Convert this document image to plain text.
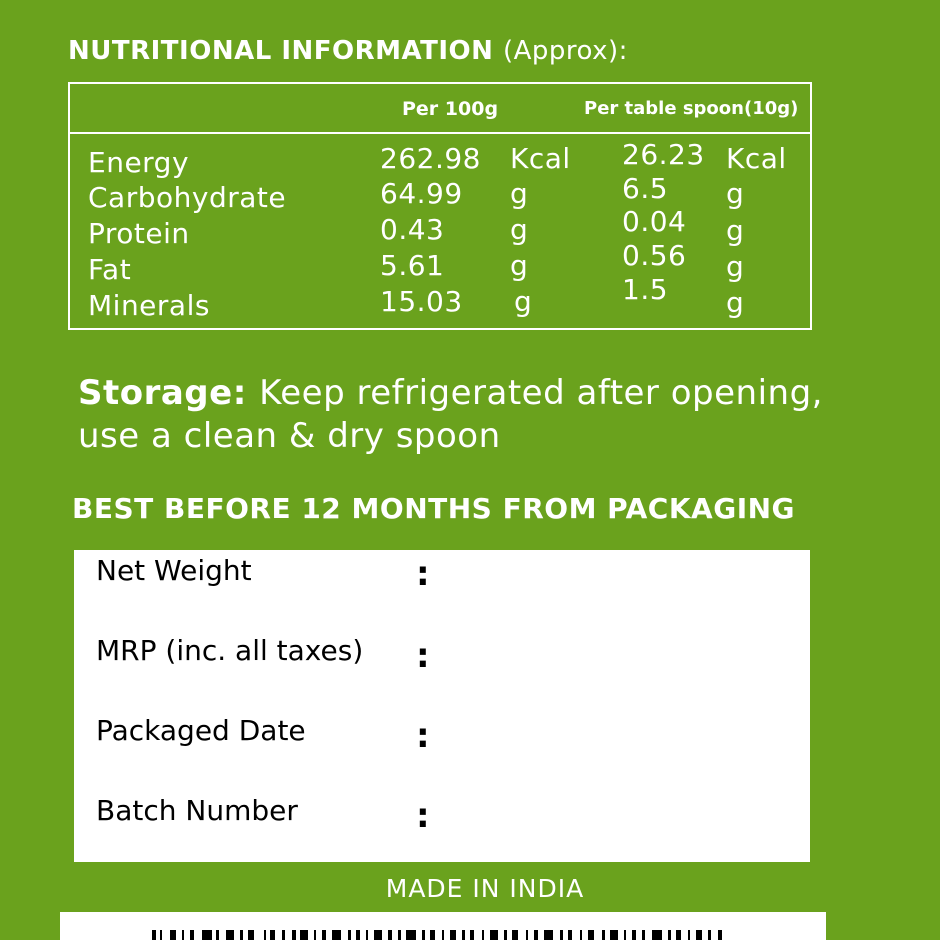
NUTRITIONAL INFORMATION (Approx):
Per 100g	Per table spoon(10g)
Energy	262.98 Kcal 26.23 Kcal
Carbohydrate	64.99 g	6.5 g
Protein	0.43 g	0.04 g
Fat	5.61 g	0.56 g
Minerals	15.03 g	1.5 g
Storage: Keep refrigerated after opening, use a clean & dry spoon
BEST BEFORE 12 MONTHS FROM PACKAGING
Net Weight	:
MRP (inc. all taxes) :
Packaged Date	:
Batch Number	:
MADE IN INDIA
